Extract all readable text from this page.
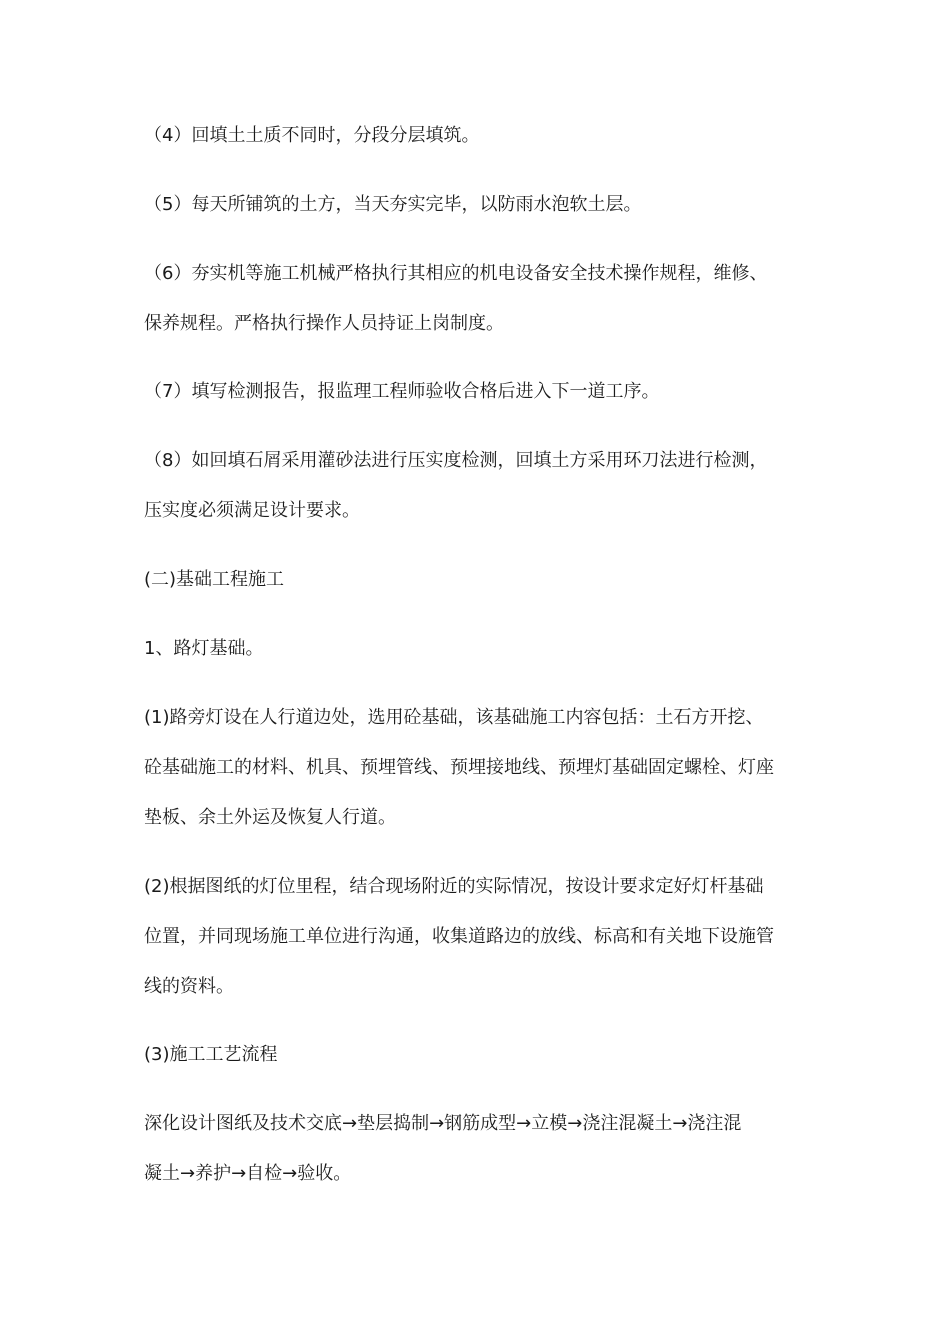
（4）回填土土质不同时，分段分层填筑。

（5）每天所铺筑的土方，当天夯实完毕，以防雨水泡软土层。

（6）夯实机等施工机械严格执行其相应的机电设备安全技术操作规程，维修、
保养规程。严格执行操作人员持证上岗制度。

（7）填写检测报告，报监理工程师验收合格后进入下一道工序。

（8）如回填石屑采用灌砂法进行压实度检测，回填土方采用环刀法进行检测，
压实度必须满足设计要求。

(二)基础工程施工

1、路灯基础。

(1)路旁灯设在人行道边处，选用砼基础，该基础施工内容包括：土石方开挖、
砼基础施工的材料、机具、预埋管线、预埋接地线、预埋灯基础固定螺栓、灯座
垫板、余土外运及恢复人行道。

(2)根据图纸的灯位里程，结合现场附近的实际情况，按设计要求定好灯杆基础
位置，并同现场施工单位进行沟通，收集道路边的放线、标高和有关地下设施管
线的资料。

(3)施工工艺流程

深化设计图纸及技术交底→垫层捣制→钢筋成型→立模→浇注混凝土→浇注混
凝土→养护→自检→验收。
